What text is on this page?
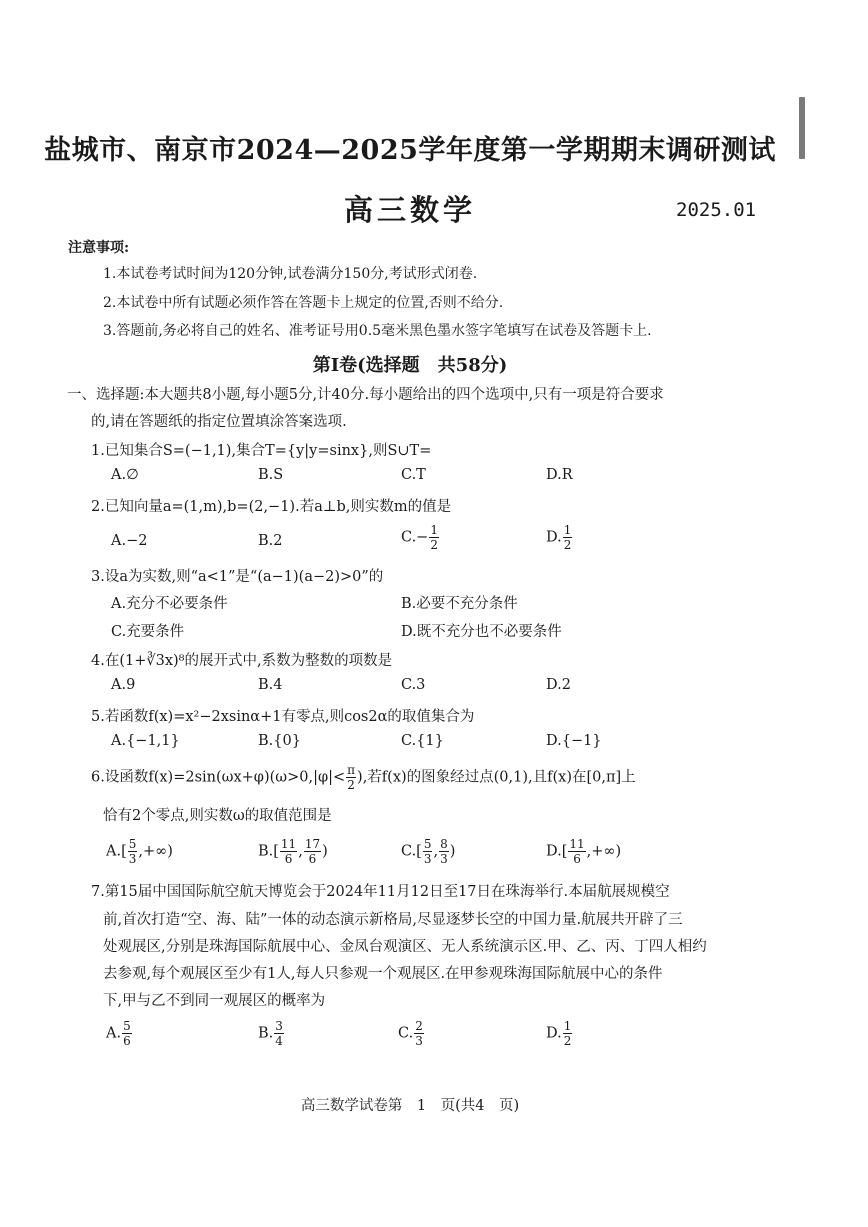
盐城市、南京市2024—2025学年度第一学期期末调研测试
高三数学	2025.01
注意事项:
1.本试卷考试时间为120分钟,试卷满分150分,考试形式闭卷.
2.本试卷中所有试题必须作答在答题卡上规定的位置,否则不给分.
3.答题前,务必将自己的姓名、准考证号用0.5毫米黑色墨水签字笔填写在试卷及答题卡上.
第Ⅰ卷(选择题　共58分)
一、选择题:本大题共8小题,每小题5分,计40分.每小题给出的四个选项中,只有一项是符合要求
的,请在答题纸的指定位置填涂答案选项.
1.已知集合S=(−1,1),集合T={y|y=sinx},则S∪T=
A.∅	B.S	C.T	D.R
2.已知向量a=(1,m),b=(2,−1).若a⊥b,则实数m的值是
A.−2	B.2	$C.- \frac{1}{2}$	D. $\frac{1}{2}$
3.设a为实数,则“a<1”是“(a−1)(a−2)>0”的
A.充分不必要条件	B.必要不充分条件
C.充要条件	D.既不充分也不必要条件
4.在(1+∛3x)⁸的展开式中,系数为整数的项数是
A.9	B.4	C.3	D.2
5.若函数f(x)=x²−2xsinα+1有零点,则cos2α的取值集合为
A.{−1,1}	B.{0}	C.{1}	D.{−1}
6.设函数$f(x)=2\sin(\omega x+\varphi)(\omega>0,|\varphi|< \frac{\pi}{2}$ ),若f(x)的图象经过点(0,1),且f(x)在[0,π]上
恰有2个零点,则实数ω的取值范围是
$A.[ \frac{5}{3}$ ,+∞)	$B.[ \frac{11}{6}$ , $\frac{17}{6}$ )	$C.[ \frac{5}{3}$ , $\frac{8}{3}$ )	$D.[ \frac{11}{6}$ ,+∞)
7.第15届中国国际航空航天博览会于2024年11月12日至17日在珠海举行.本届航展规模空
前,首次打造“空、海、陆”一体的动态演示新格局,尽显逐梦长空的中国力量.航展共开辟了三
处观展区,分别是珠海国际航展中心、金凤台观演区、无人系统演示区.甲、乙、丙、丁四人相约
去参观,每个观展区至少有1人,每人只参观一个观展区.在甲参观珠海国际航展中心的条件
下,甲与乙不到同一观展区的概率为
A. $\frac{5}{6}$	B. $\frac{3}{4}$	C. $\frac{2}{3}$	D. $\frac{1}{2}$
高三数学试卷第　1　页(共4　页)
